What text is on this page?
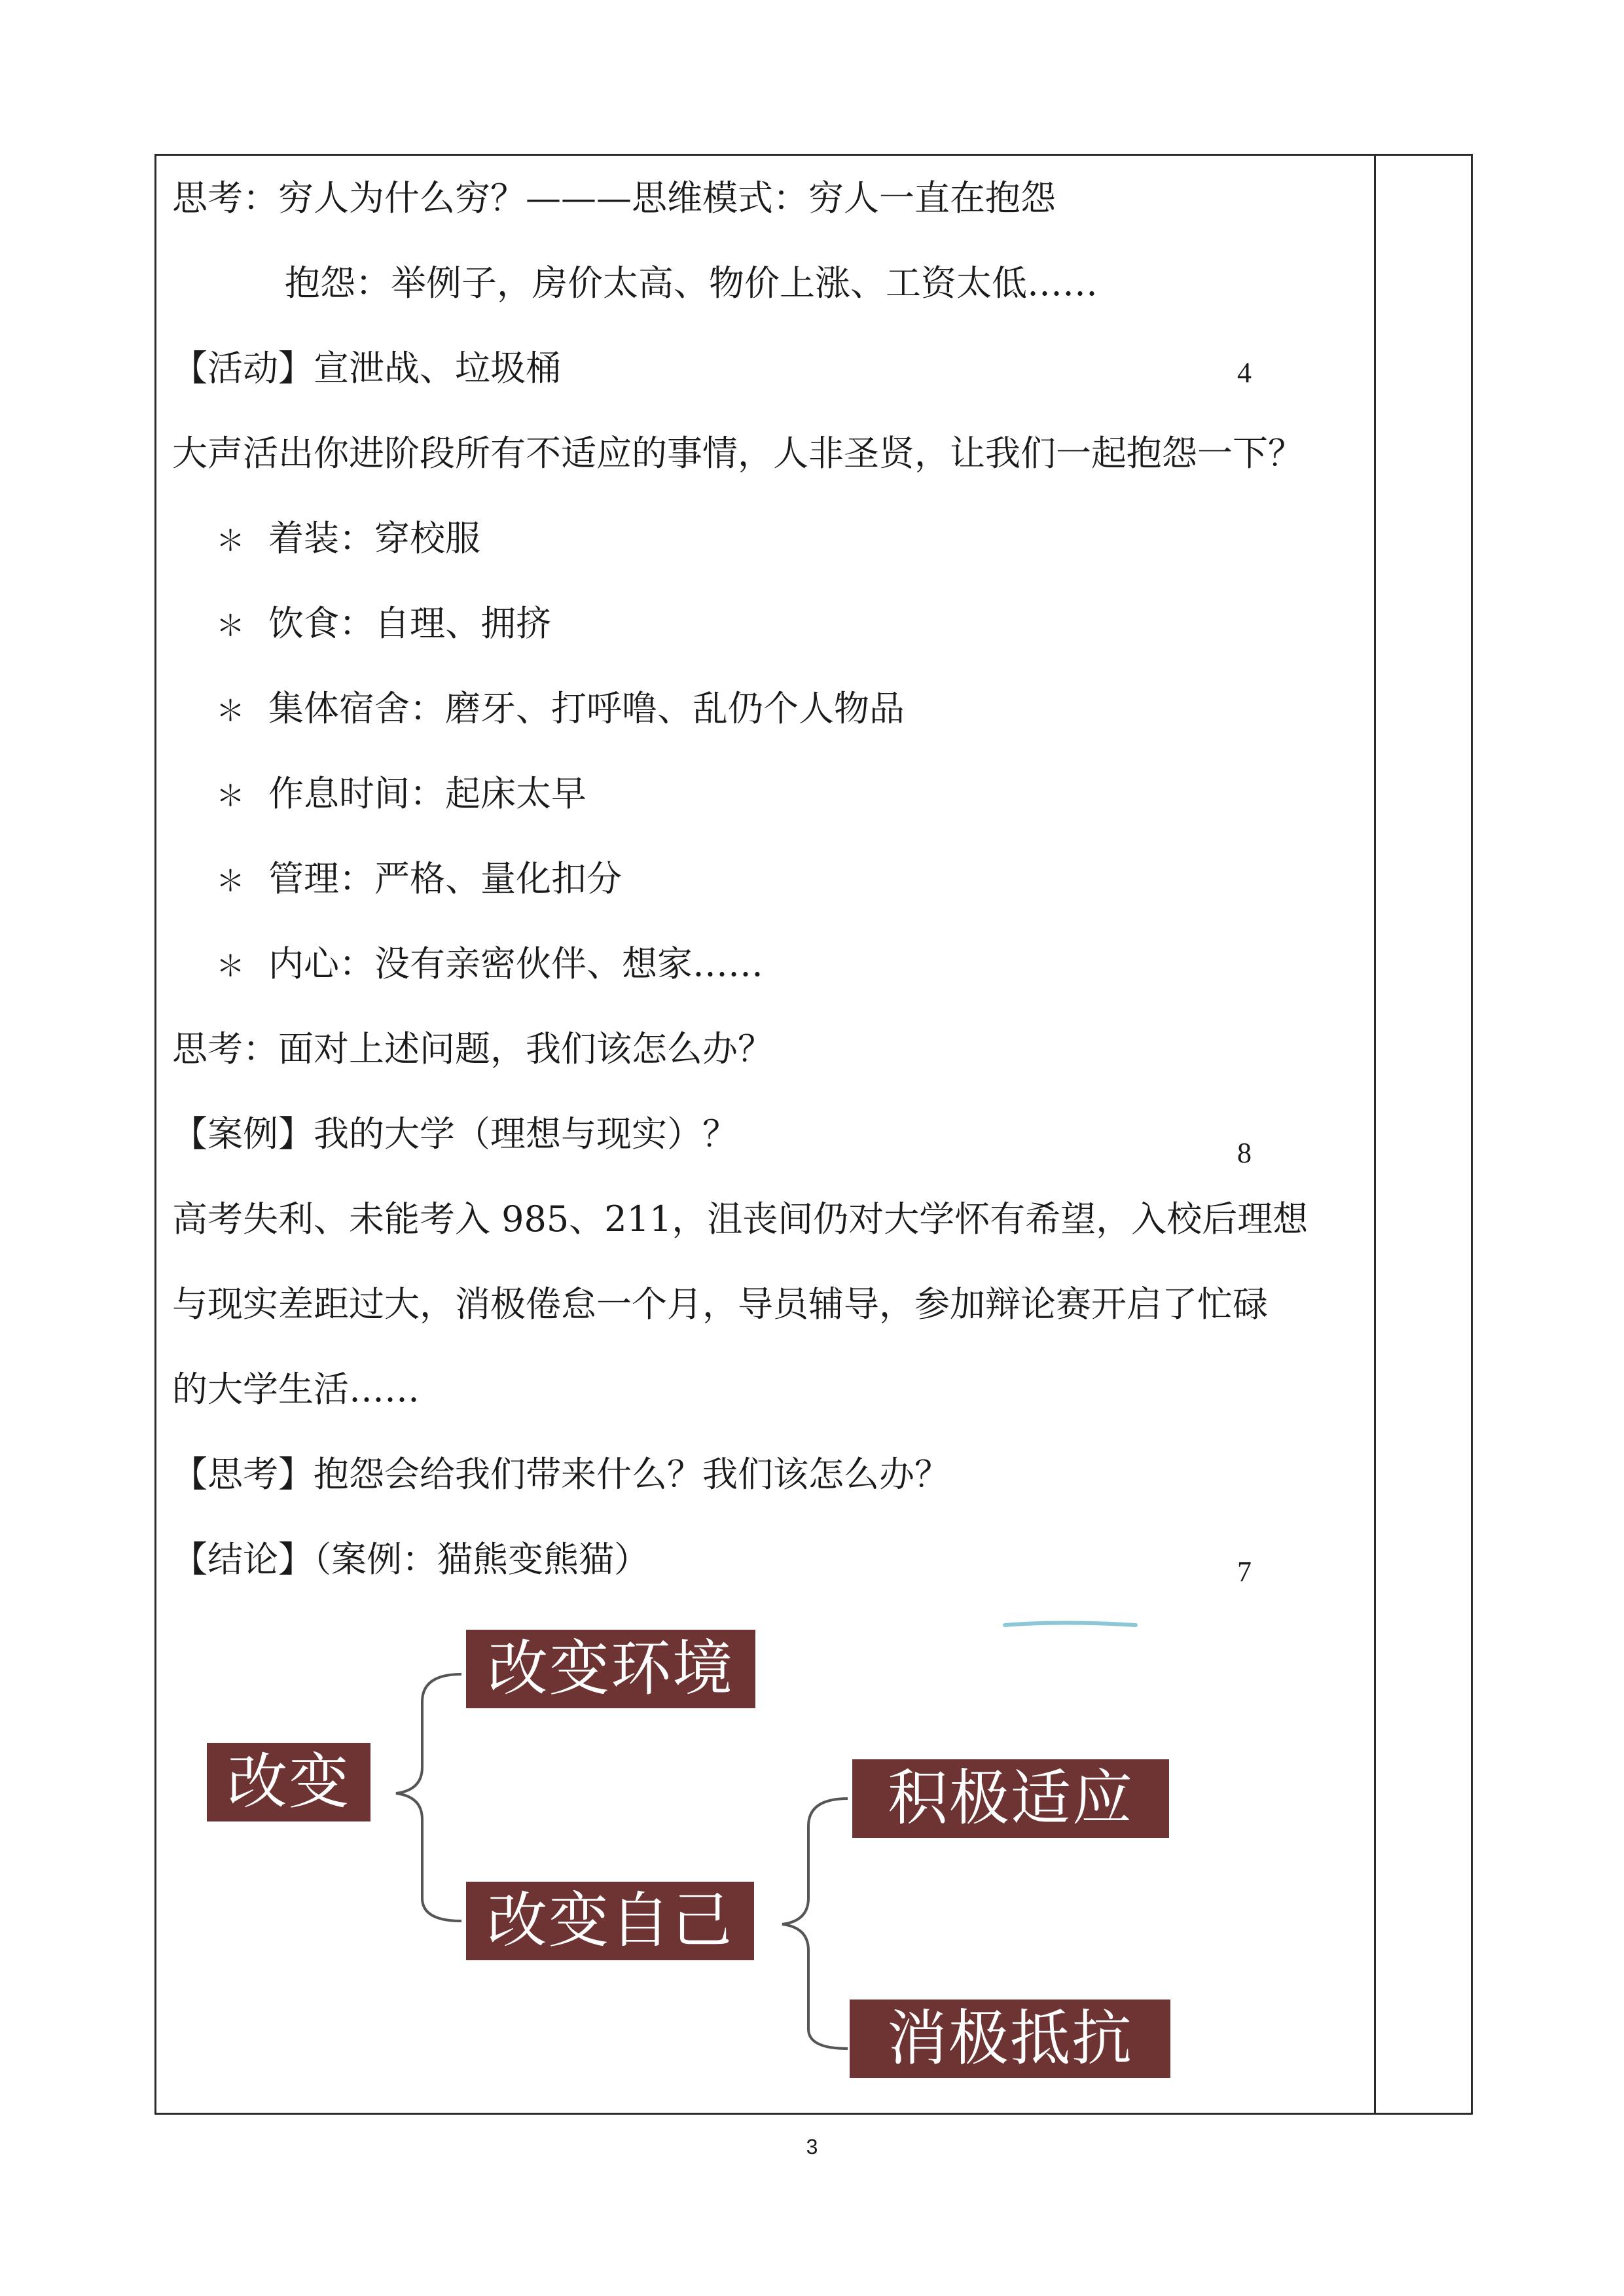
思考：穷人为什么穷？———思维模式：穷人一直在抱怨
抱怨：举例子，房价太高、物价上涨、工资太低……
【活动】宣泄战、垃圾桶
大声活出你进阶段所有不适应的事情，人非圣贤，让我们一起抱怨一下？
＊ 着装：穿校服
＊ 饮食：自理、拥挤
＊ 集体宿舍：磨牙、打呼噜、乱仍个人物品
＊ 作息时间：起床太早
＊ 管理：严格、量化扣分
＊ 内心：没有亲密伙伴、想家……
思考：面对上述问题，我们该怎么办？
【案例】我的大学（理想与现实）？
高考失利、未能考入 985、211，沮丧间仍对大学怀有希望，入校后理想
与现实差距过大，消极倦怠一个月，导员辅导，参加辩论赛开启了忙碌
的大学生活……
【思考】抱怨会给我们带来什么？我们该怎么办？
【结论】（案例：猫熊变熊猫）
4
8
7
改变
改变环境
改变自己
积极适应
消极抵抗
3
